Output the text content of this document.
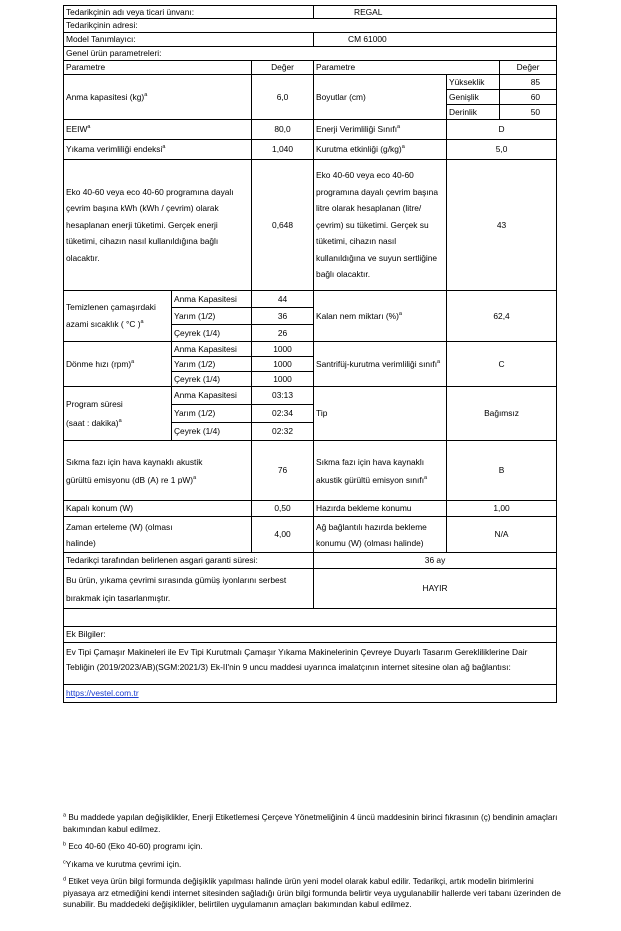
Tedarikçinin adı veya ticari ünvanı:			REGAL		
Tedarikçinin adresi:					
Model Tanımlayıcı:			CM 61000		
Genel ürün parametreleri:					
Parametre		Değer	Parametre		Değer
Anma kapasitesi (kg)$^a$		6,0	Boyutlar (cm)	Yükseklik	85
				Genişlik	60
				Derinlik	50
EEIW$^a$		80,0	Enerji Verimliliği Sınıfı$^a$	D	
Yıkama verimliliği endeksi$^a$		1,040	Kurutma etkinliği $(g/kg)^a$	5,0	
Eko 40-60 veya eco 40-60 programına dayalı çevrim başına kWh (kWh / çevrim) olarak hesaplanan enerji tüketimi. Gerçek enerji tüketimi, cihazın nasıl kullanıldığına bağlı olacaktır.		0,648	Eko 40-60 veya eco 40-60 programına dayalı çevrim başına litre olarak hesaplanan (litre/çevrim) su tüketimi. Gerçek su tüketimi, cihazın nasıl kullanıldığına ve suyun sertliğine bağlı olacaktır.	43	
Temizlenen çamaşırdaki azami sıcaklık ( °C )$^a$	Anma Kapasitesi	44	Kalan nem miktarı (%)$^a$	62,4	
	Yarım (1/2)	36			
	Çeyrek (1/4)	26			
Dönme hızı (rpm)$^a$	Anma Kapasitesi	1000	Santrifüj-kurutma verimliliği sınıfı$^a$	C	
	Yarım (1/2)	1000			
	Çeyrek (1/4)	1000			
Program süresi
(saat : dakika)$^a$	Anma Kapasitesi	03:13	Tip	Bağımsız	
	Yarım (1/2)	02:34			
	Çeyrek (1/4)	02:32			
Sıkma fazı için hava kaynaklı akustik gürültü emisyonu (dB (A) re 1 pW)$^a$		76	Sıkma fazı için hava kaynaklı akustik gürültü emisyon sınıfı$^a$	B	
Kapalı konum (W)		0,50	Hazırda bekleme konumu	1,00	
Zaman erteleme (W) (olması halinde)		4,00	Ağ bağlantılı hazırda bekleme konumu (W) (olması halinde)	N/A	
Tedarikçi tarafından belirlenen asgari garanti süresi:			36 ay		
Bu ürün, yıkama çevrimi sırasında gümüş iyonlarını serbest bırakmak için tasarlanmıştır.			HAYIR		

Ek Bilgiler:					
Ev Tipi Çamaşır Makineleri ile Ev Tipi Kurutmalı Çamaşır Yıkama Makinelerinin Çevreye Duyarlı Tasarım Gerekliliklerine Dair Tebliğin (2019/2023/AB)(SGM:2021/3) Ek-II'nin 9 uncu maddesi uyarınca imalatçının internet sitesine olan ağ bağlantısı:					
https://vestel.com.tr					

$^a$ Bu maddede yapılan değişiklikler, Enerji Etiketlemesi Çerçeve Yönetmeliğinin 4 üncü maddesinin birinci fıkrasının (ç) bendinin amaçları bakımından kabul edilmez.

$^b$ Eco 40-60 (Eko 40-60) programı için.

$^c$Yıkama ve kurutma çevrimi için.

$^d$ Etiket veya ürün bilgi formunda değişiklik yapılması halinde ürün yeni model olarak kabul edilir. Tedarikçi, artık modelin birimlerini piyasaya arz etmediğini kendi internet sitesinden sağladığı ürün bilgi formunda belirtir veya uygulanabilir hallerde veri tabanı üzerinden de sunabilir. Bu maddedeki değişiklikler, belirtilen uygulamanın amaçları bakımından kabul edilmez.
